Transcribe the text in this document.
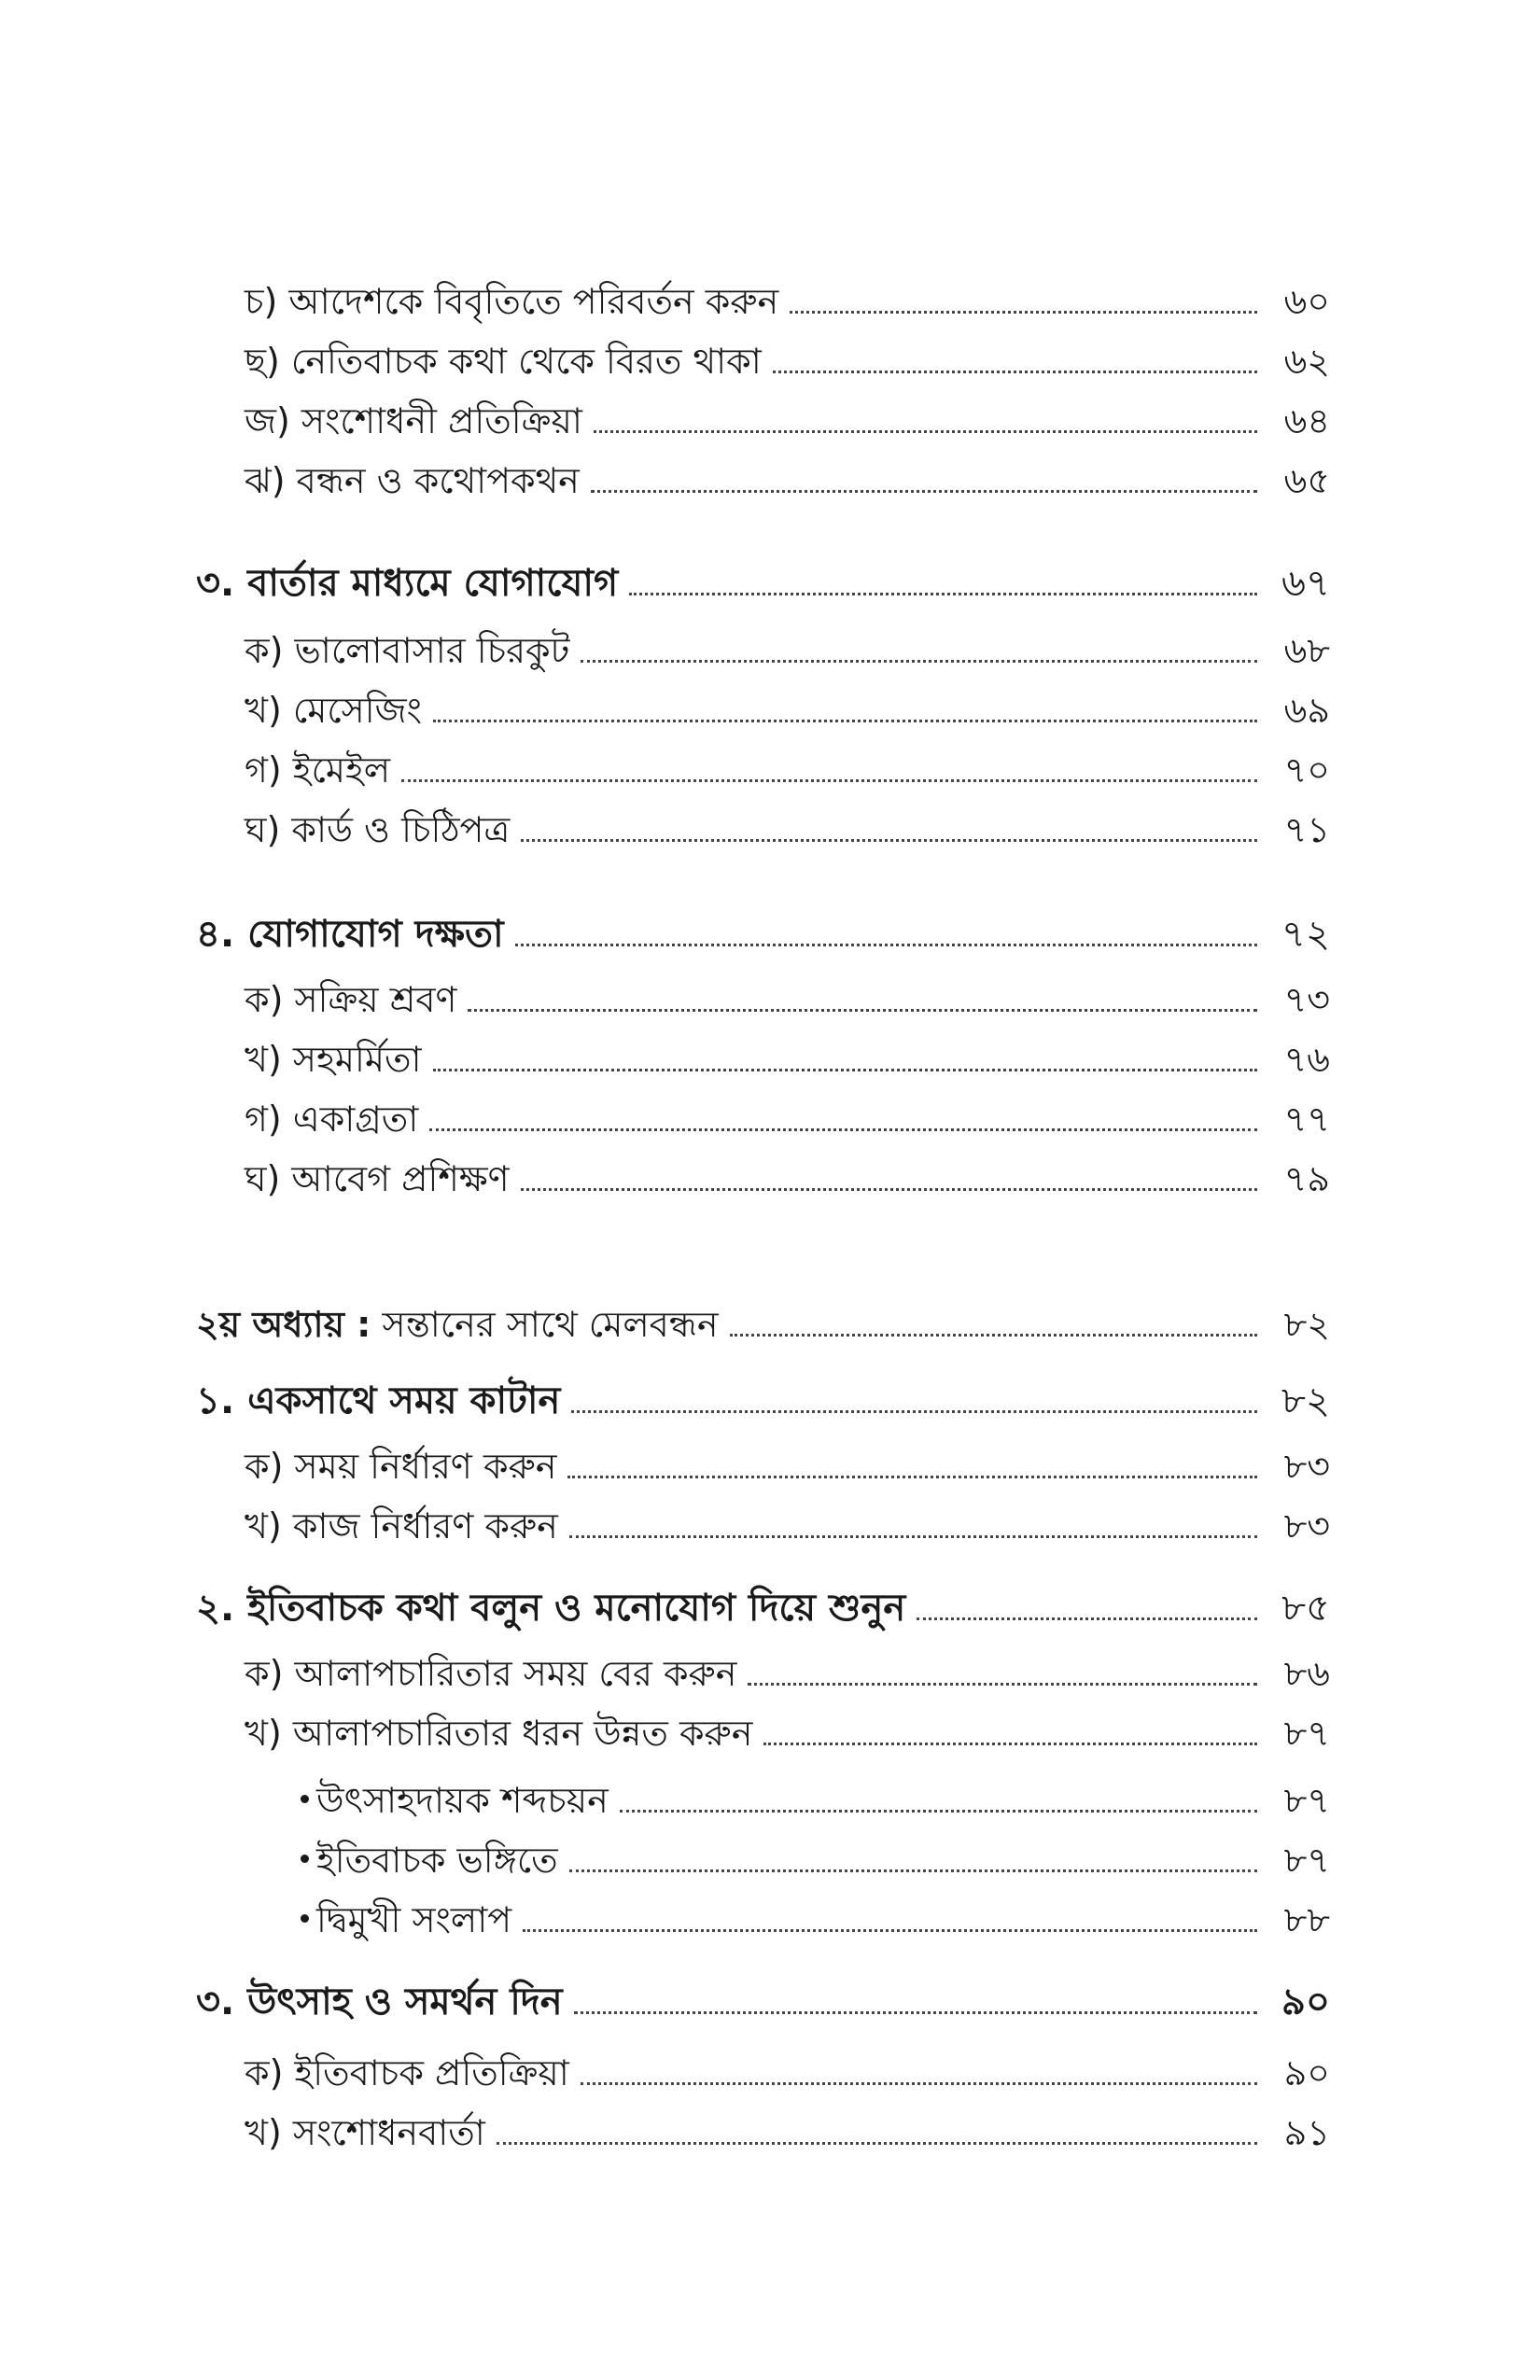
চ) আদেশকে বিবৃতিতে পরিবর্তন করুন	৬০
ছ) নেতিবাচক কথা থেকে বিরত থাকা	৬২
জ) সংশোধনী প্রতিক্রিয়া	৬৪
ঝ) বন্ধন ও কথোপকথন	৬৫
৩. বার্তার মাধ্যমে যোগাযোগ	৬৭
ক) ভালোবাসার চিরকুট	৬৮
খ) মেসেজিং	৬৯
গ) ইমেইল	৭০
ঘ) কার্ড ও চিঠিপত্র	৭১
৪. যোগাযোগ দক্ষতা	৭২
ক) সক্রিয় শ্রবণ	৭৩
খ) সহমর্মিতা	৭৬
গ) একাগ্রতা	৭৭
ঘ) আবেগ প্রশিক্ষণ	৭৯
২য় অধ্যায় : সন্তানের সাথে মেলবন্ধন	৮২
১. একসাথে সময় কাটান	৮২
ক) সময় নির্ধারণ করুন	৮৩
খ) কাজ নির্ধারণ করুন	৮৩
২. ইতিবাচক কথা বলুন ও মনোযোগ দিয়ে শুনুন	৮৫
ক) আলাপচারিতার সময় বের করুন	৮৬
খ) আলাপচারিতার ধরন উন্নত করুন	৮৭
উৎসাহদায়ক শব্দচয়ন	৮৭
ইতিবাচক ভঙ্গিতে	৮৭
দ্বিমুখী সংলাপ	৮৮
৩. উৎসাহ ও সমর্থন দিন	৯০
ক) ইতিবাচক প্রতিক্রিয়া	৯০
খ) সংশোধনবার্তা	৯১
